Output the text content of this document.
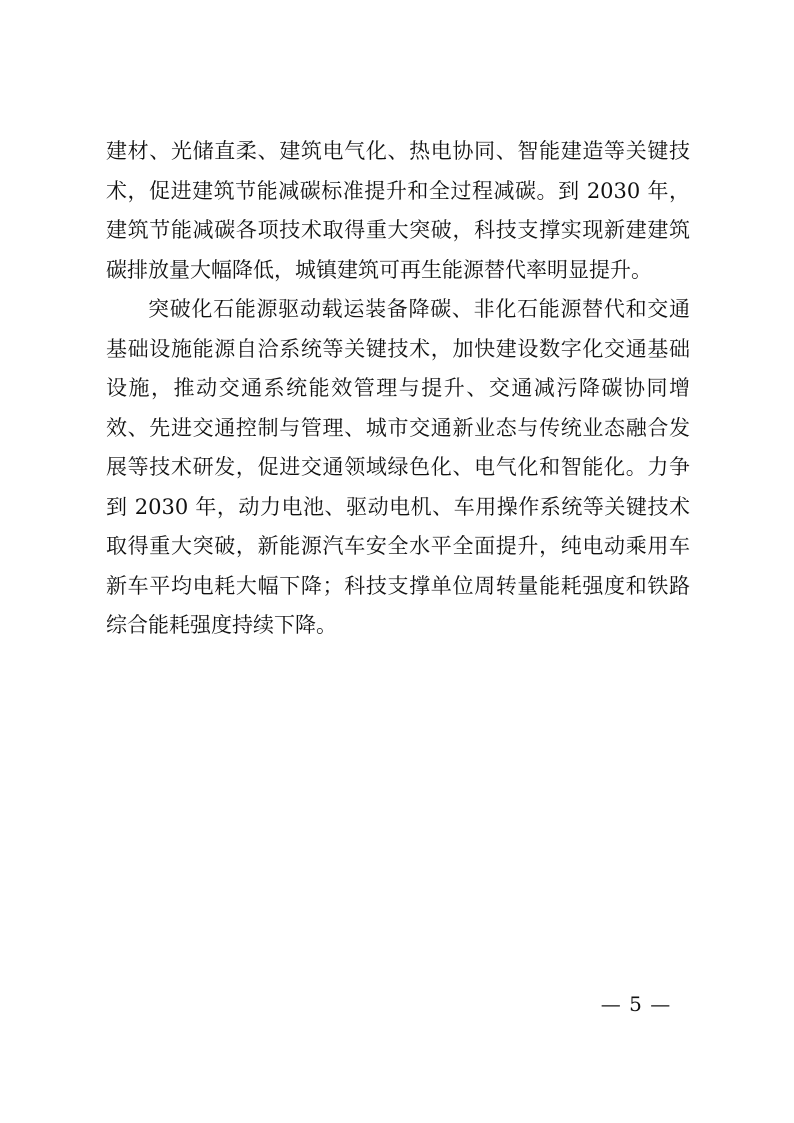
建材、光储直柔、建筑电气化、热电协同、智能建造等关键技术，促进建筑节能减碳标准提升和全过程减碳。到 2030 年，建筑节能减碳各项技术取得重大突破，科技支撑实现新建建筑碳排放量大幅降低，城镇建筑可再生能源替代率明显提升。

突破化石能源驱动载运装备降碳、非化石能源替代和交通基础设施能源自洽系统等关键技术，加快建设数字化交通基础设施，推动交通系统能效管理与提升、交通减污降碳协同增效、先进交通控制与管理、城市交通新业态与传统业态融合发展等技术研发，促进交通领域绿色化、电气化和智能化。力争到 2030 年，动力电池、驱动电机、车用操作系统等关键技术取得重大突破，新能源汽车安全水平全面提升，纯电动乘用车新车平均电耗大幅下降；科技支撑单位周转量能耗强度和铁路综合能耗强度持续下降。

— 5 —
